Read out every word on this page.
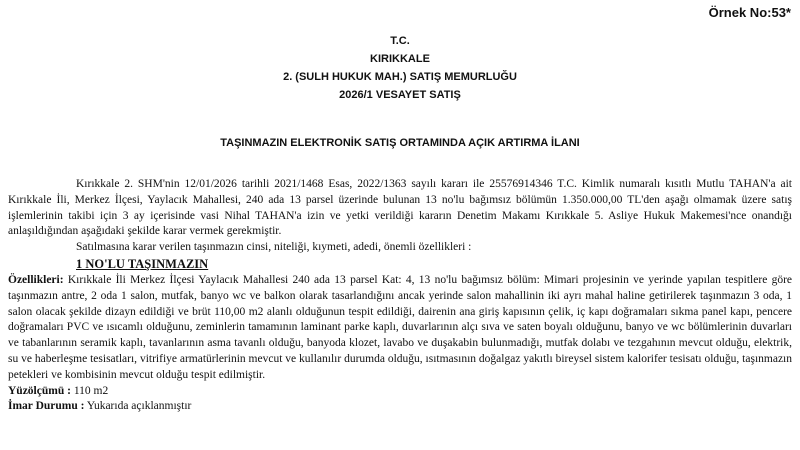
Örnek No:53*
T.C.
KIRIKKALE
2. (SULH HUKUK MAH.) SATIŞ MEMURLUĞU
2026/1 VESAYET SATIŞ
TAŞINMAZIN ELEKTRONİK SATIŞ ORTAMINDA AÇIK ARTIRMA İLANI

Kırıkkale 2. SHM'nin 12/01/2026 tarihli 2021/1468 Esas, 2022/1363 sayılı kararı ile 25576914346 T.C. Kimlik numaralı kısıtlı Mutlu TAHAN'a ait Kırıkkale İli, Merkez İlçesi, Yaylacık Mahallesi, 240 ada 13 parsel üzerinde bulunan 13 no'lu bağımsız bölümün 1.350.000,00 TL'den aşağı olmamak üzere satış işlemlerinin takibi için 3 ay içerisinde vasi Nihal TAHAN'a izin ve yetki verildiği kararın Denetim Makamı Kırıkkale 5. Asliye Hukuk Makemesi'nce onandığı anlaşıldığından aşağıdaki şekilde karar vermek gerekmiştir.

Satılmasına karar verilen taşınmazın cinsi, niteliği, kıymeti, adedi, önemli özellikleri :

1 NO'LU TAŞINMAZIN

Özellikleri: Kırıkkale İli Merkez İlçesi Yaylacık Mahallesi 240 ada 13 parsel Kat: 4, 13 no'lu bağımsız bölüm: Mimari projesinin ve yerinde yapılan tespitlere göre taşınmazın antre, 2 oda 1 salon, mutfak, banyo wc ve balkon olarak tasarlandığını ancak yerinde salon mahallinin iki ayrı mahal haline getirilerek taşınmazın 3 oda, 1 salon olacak şekilde dizayn edildiği ve brüt 110,00 m2 alanlı olduğunun tespit edildiği, dairenin ana giriş kapısının çelik, iç kapı doğramaları sıkma panel kapı, pencere doğramaları PVC ve ısıcamlı olduğunu, zeminlerin tamamının laminant parke kaplı, duvarlarının alçı sıva ve saten boyalı olduğunu, banyo ve wc bölümlerinin duvarları ve tabanlarının seramik kaplı, tavanlarının asma tavanlı olduğu, banyoda klozet, lavabo ve duşakabin bulunmadığı, mutfak dolabı ve tezgahının mevcut olduğu, elektrik, su ve haberleşme tesisatları, vitrifiye armatürlerinin mevcut ve kullanılır durumda olduğu, ısıtmasının doğalgaz yakıtlı bireysel sistem kalorifer tesisatı olduğu, taşınmazın petekleri ve kombisinin mevcut olduğu tespit edilmiştir.

Yüzölçümü : 110 m2

İmar Durumu : Yukarıda açıklanmıştır
